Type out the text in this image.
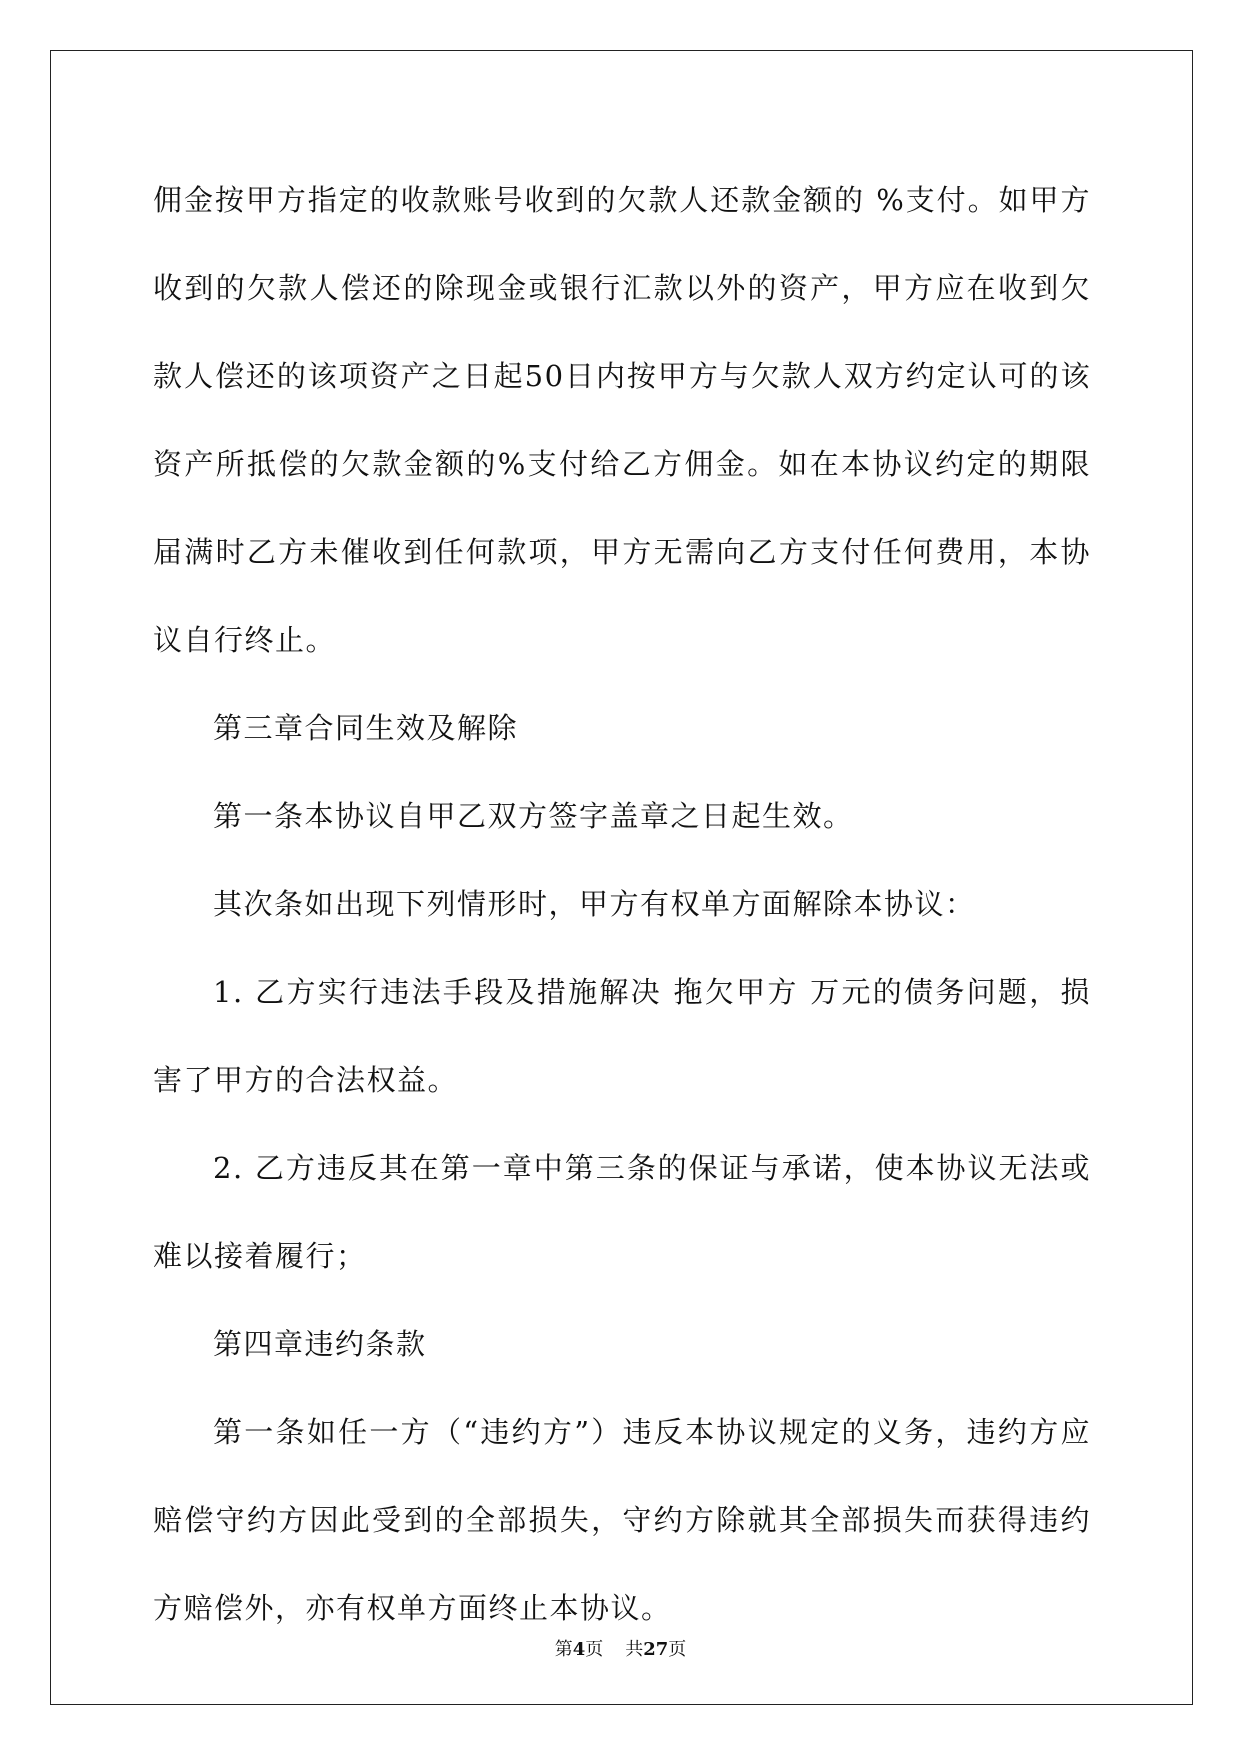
佣金按甲方指定的收款账号收到的欠款人还款金额的 %支付。如甲方收到的欠款人偿还的除现金或银行汇款以外的资产，甲方应在收到欠款人偿还的该项资产之日起50日内按甲方与欠款人双方约定认可的该资产所抵偿的欠款金额的%支付给乙方佣金。如在本协议约定的期限届满时乙方未催收到任何款项，甲方无需向乙方支付任何费用，本协议自行终止。

第三章合同生效及解除

第一条本协议自甲乙双方签字盖章之日起生效。

其次条如出现下列情形时，甲方有权单方面解除本协议：

1. 乙方实行违法手段及措施解决 拖欠甲方 万元的债务问题，损害了甲方的合法权益。

2. 乙方违反其在第一章中第三条的保证与承诺，使本协议无法或难以接着履行；

第四章违约条款

第一条如任一方（“违约方”）违反本协议规定的义务，违约方应赔偿守约方因此受到的全部损失，守约方除就其全部损失而获得违约方赔偿外，亦有权单方面终止本协议。

第4页 共27页
